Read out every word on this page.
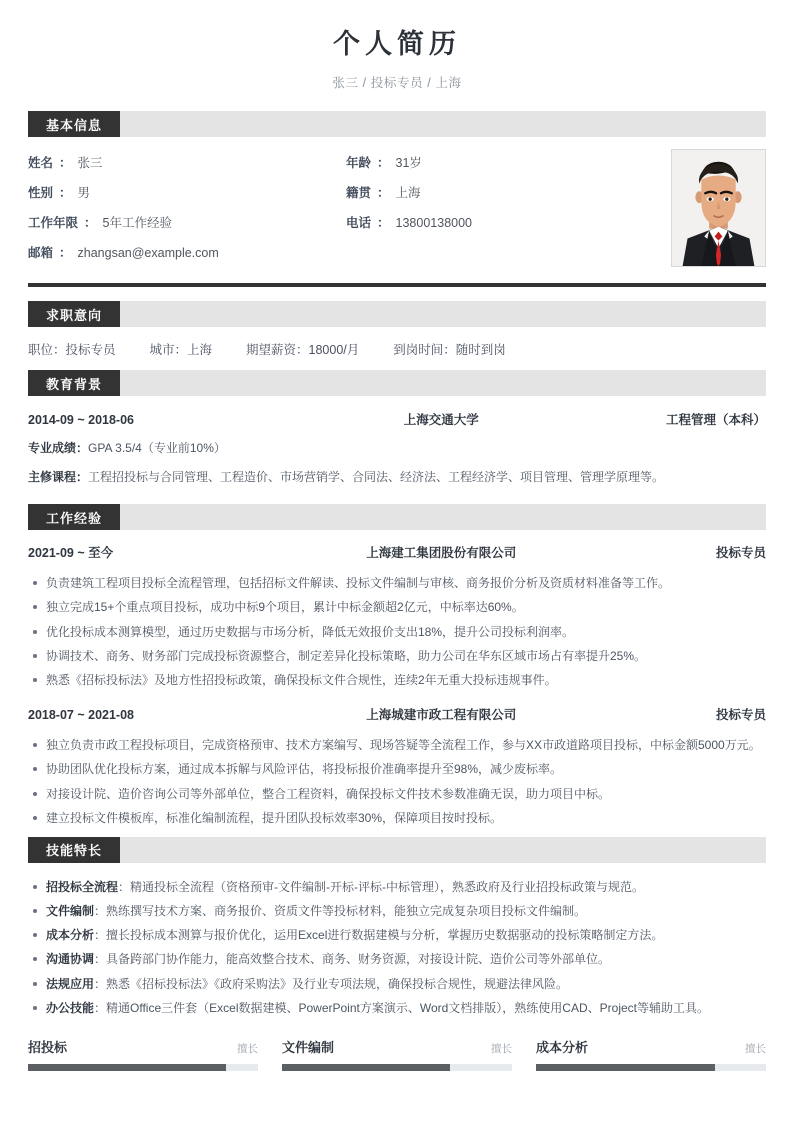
个人简历
张三 / 投标专员 / 上海
基本信息
姓名 ： 张三	年龄 ： 31岁
性别 ： 男	籍贯 ： 上海
工作年限 ： 5年工作经验	电话 ： 13800138000
邮箱 ： zhangsan@example.com
求职意向
职位：投标专员	城市：上海	期望薪资：18000/月	到岗时间：随时到岗
教育背景
2014-09 ~ 2018-06	上海交通大学	工程管理（本科）
专业成绩：GPA 3.5/4（专业前10%）
主修课程：工程招投标与合同管理、工程造价、市场营销学、合同法、经济法、工程经济学、项目管理、管理学原理等。
工作经验
2021-09 ~ 至今	上海建工集团股份有限公司	投标专员
负责建筑工程项目投标全流程管理，包括招标文件解读、投标文件编制与审核、商务报价分析及资质材料准备等工作。
独立完成15+个重点项目投标，成功中标9个项目，累计中标金额超2亿元，中标率达60%。
优化投标成本测算模型，通过历史数据与市场分析，降低无效报价支出18%，提升公司投标利润率。
协调技术、商务、财务部门完成投标资源整合，制定差异化投标策略，助力公司在华东区域市场占有率提升25%。
熟悉《招标投标法》及地方性招投标政策，确保投标文件合规性，连续2年无重大投标违规事件。
2018-07 ~ 2021-08	上海城建市政工程有限公司	投标专员
独立负责市政工程投标项目，完成资格预审、技术方案编写、现场答疑等全流程工作，参与XX市政道路项目投标，中标金额5000万元。
协助团队优化投标方案，通过成本拆解与风险评估，将投标报价准确率提升至98%，减少废标率。
对接设计院、造价咨询公司等外部单位，整合工程资料，确保投标文件技术参数准确无误，助力项目中标。
建立投标文件模板库，标准化编制流程，提升团队投标效率30%，保障项目按时投标。
技能特长
招投标全流程：精通投标全流程（资格预审-文件编制-开标-评标-中标管理），熟悉政府及行业招投标政策与规范。
文件编制：熟练撰写技术方案、商务报价、资质文件等投标材料，能独立完成复杂项目投标文件编制。
成本分析：擅长投标成本测算与报价优化，运用Excel进行数据建模与分析，掌握历史数据驱动的投标策略制定方法。
沟通协调：具备跨部门协作能力，能高效整合技术、商务、财务资源，对接设计院、造价公司等外部单位。
法规应用：熟悉《招标投标法》《政府采购法》及行业专项法规，确保投标合规性，规避法律风险。
办公技能：精通Office三件套（Excel数据建模、PowerPoint方案演示、Word文档排版），熟练使用CAD、Project等辅助工具。
招投标	擅长 文件编制	擅长 成本分析	擅长
